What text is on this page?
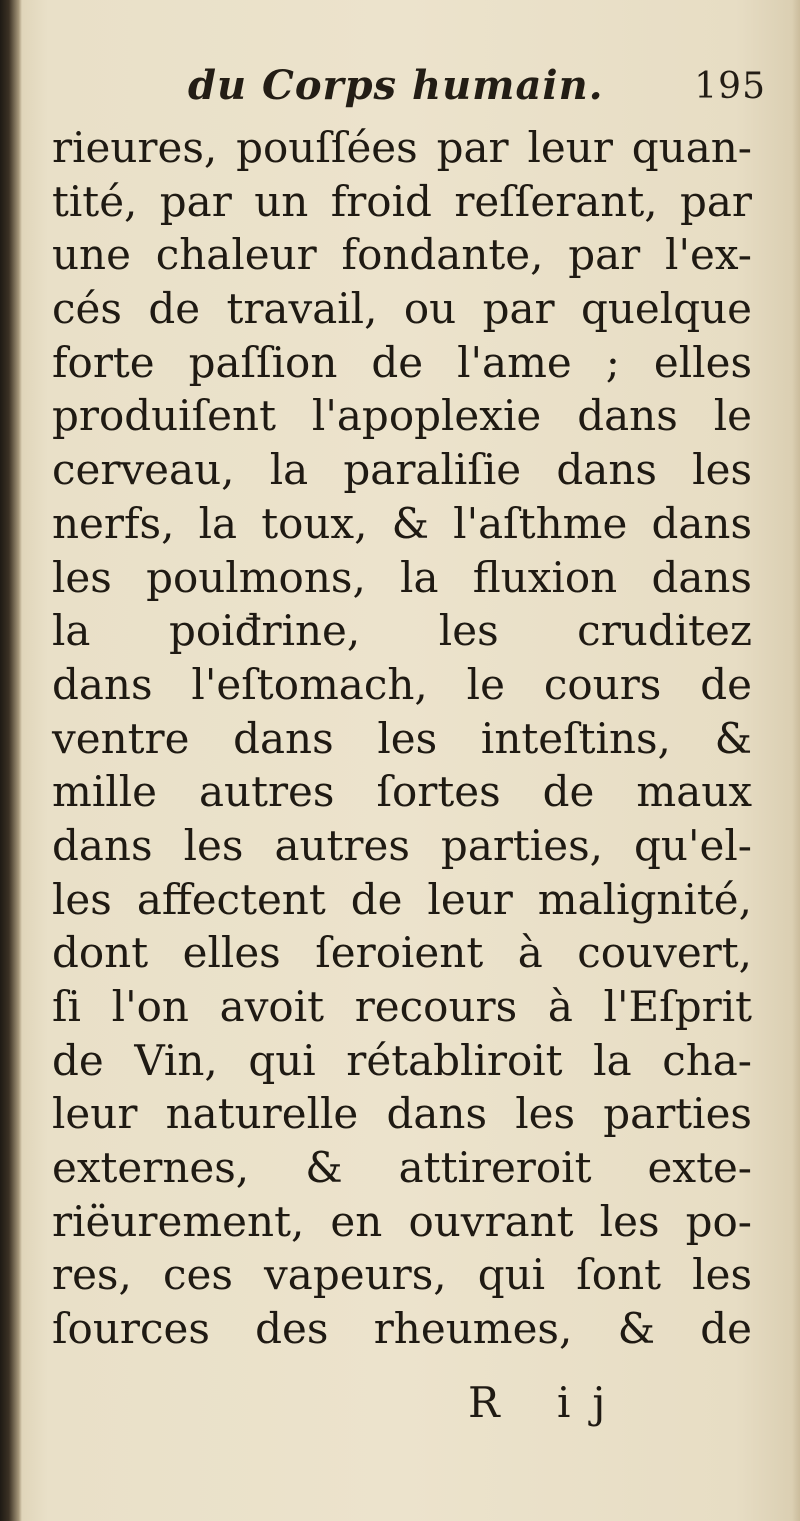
du Corps humain.	195
rieures, pouſſées par leur quan-
tité, par un froid reſſerant, par
une chaleur fondante, par l'ex-
cés de travail, ou par quelque
forte paſſion de l'ame ; elles
produiſent l'apoplexie dans le
cerveau, la paraliſie dans les
nerfs, la toux, & l'aſthme dans
les poulmons, la fluxion dans
la poiđrine, les cruditez
dans l'eſtomach, le cours de
ventre dans les inteſtins, &
mille autres ſortes de maux
dans les autres parties, qu'el-
les affectent de leur malignité,
dont elles ſeroient à couvert,
ſi l'on avoit recours à l'Eſprit
de Vin, qui rétabliroit la cha-
leur naturelle dans les parties
externes, & attireroit exte-
riëurement, en ouvrant les po-
res, ces vapeurs, qui ſont les
ſources des rheumes, & de
R ij
